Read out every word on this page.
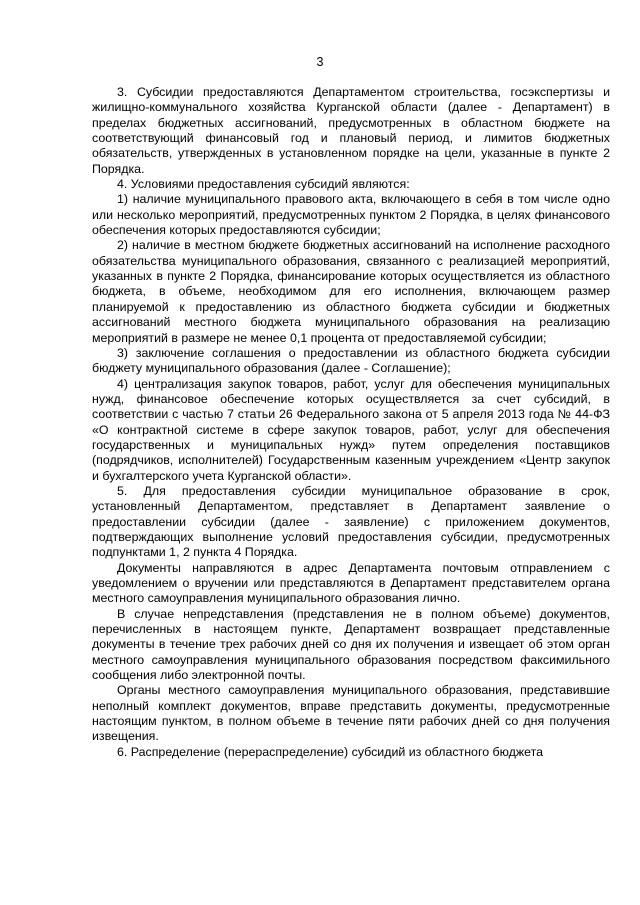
3

3. Субсидии предоставляются Департаментом строительства, госэкспертизы и жилищно-коммунального хозяйства Курганской области (далее - Департамент) в пределах бюджетных ассигнований, предусмотренных в областном бюджете на соответствующий финансовый год и плановый период, и лимитов бюджетных обязательств, утвержденных в установленном порядке на цели, указанные в пункте 2 Порядка.

4. Условиями предоставления субсидий являются:

1) наличие муниципального правового акта, включающего в себя в том числе одно или несколько мероприятий, предусмотренных пунктом 2 Порядка, в целях финансового обеспечения которых предоставляются субсидии;

2) наличие в местном бюджете бюджетных ассигнований на исполнение расходного обязательства муниципального образования, связанного с реализацией мероприятий, указанных в пункте 2 Порядка, финансирование которых осуществляется из областного бюджета, в объеме, необходимом для его исполнения, включающем размер планируемой к предоставлению из областного бюджета субсидии и бюджетных ассигнований местного бюджета муниципального образования на реализацию мероприятий в размере не менее 0,1 процента от предоставляемой субсидии;

3) заключение соглашения о предоставлении из областного бюджета субсидии бюджету муниципального образования (далее - Соглашение);

4) централизация закупок товаров, работ, услуг для обеспечения муниципальных нужд, финансовое обеспечение которых осуществляется за счет субсидий, в соответствии с частью 7 статьи 26 Федерального закона от 5 апреля 2013 года № 44-ФЗ «О контрактной системе в сфере закупок товаров, работ, услуг для обеспечения государственных и муниципальных нужд» путем определения поставщиков (подрядчиков, исполнителей) Государственным казенным учреждением «Центр закупок и бухгалтерского учета Курганской области».

5. Для предоставления субсидии муниципальное образование в срок, установленный Департаментом, представляет в Департамент заявление о предоставлении субсидии (далее - заявление) с приложением документов, подтверждающих выполнение условий предоставления субсидии, предусмотренных подпунктами 1, 2 пункта 4 Порядка.

Документы направляются в адрес Департамента почтовым отправлением с уведомлением о вручении или представляются в Департамент представителем органа местного самоуправления муниципального образования лично.

В случае непредставления (представления не в полном объеме) документов, перечисленных в настоящем пункте, Департамент возвращает представленные документы в течение трех рабочих дней со дня их получения и извещает об этом орган местного самоуправления муниципального образования посредством факсимильного сообщения либо электронной почты.

Органы местного самоуправления муниципального образования, представившие неполный комплект документов, вправе представить документы, предусмотренные настоящим пунктом, в полном объеме в течение пяти рабочих дней со дня получения извещения.

6. Распределение (перераспределение) субсидий из областного бюджета
